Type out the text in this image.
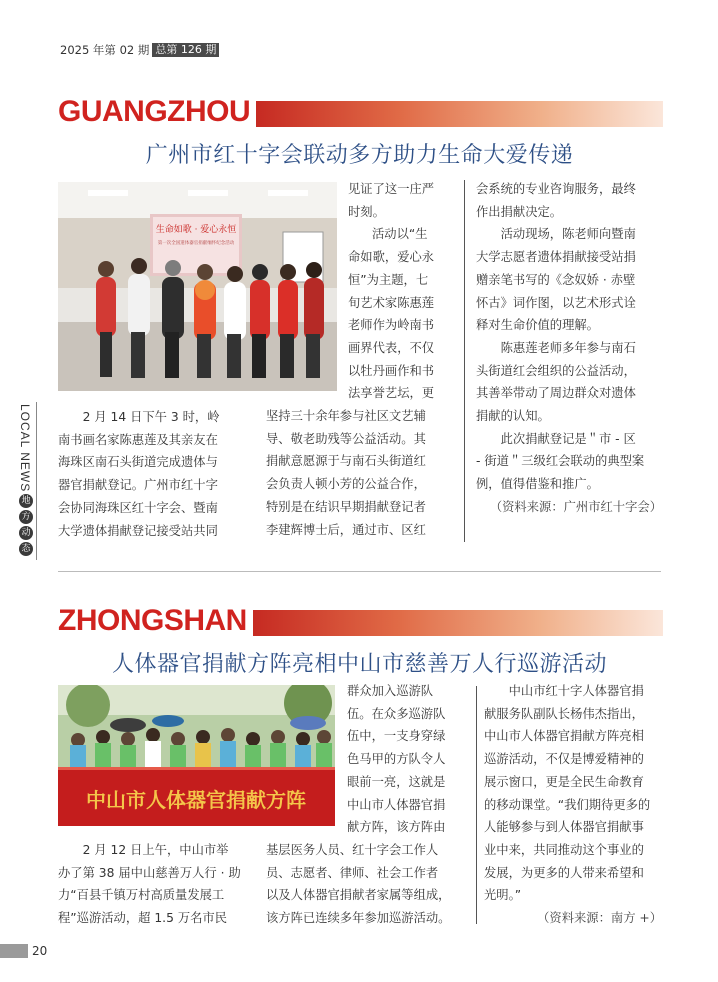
2025 年第 02 期 总第 126 期
GUANGZHOU
广州市红十字会联动多方助力生命大爱传递
生命如歌 · 爱心永恒
第一次全国遗体器官捐献缅怀纪念活动

2 月 14 日下午 3 时，岭

南书画名家陈惠莲及其亲友在

海珠区南石头街道完成遗体与

器官捐献登记。广州市红十字

会协同海珠区红十字会、暨南

大学遗体捐献登记接受站共同

见证了这一庄严

时刻。

活动以“生

命如歌，爱心永

恒”为主题，七

旬艺术家陈惠莲

老师作为岭南书

画界代表，不仅

以牡丹画作和书

法享誉艺坛，更

坚持三十余年参与社区文艺辅

导、敬老助残等公益活动。其

捐献意愿源于与南石头街道红

会负责人顿小芳的公益合作，

特别是在结识早期捐献登记者

李建辉博士后，通过市、区红

会系统的专业咨询服务，最终

作出捐献决定。

活动现场，陈老师向暨南

大学志愿者遗体捐献接受站捐

赠亲笔书写的《念奴娇 · 赤壁

怀古》词作图，以艺术形式诠

释对生命价值的理解。

陈惠莲老师多年参与南石

头街道红会组织的公益活动，

其善举带动了周边群众对遗体

捐献的认知。

此次捐献登记是＂市 - 区

- 街道＂三级红会联动的典型案

例，值得借鉴和推广。

（资料来源：广州市红十字会）

LOCAL NEWS
地
方
动
态
ZHONGSHAN
人体器官捐献方阵亮相中山市慈善万人行巡游活动
中山市人体器官捐献方阵

2 月 12 日上午，中山市举

办了第 38 届中山慈善万人行 · 助

力“百县千镇万村高质量发展工

程”巡游活动，超 1.5 万名市民

群众加入巡游队

伍。在众多巡游队

伍中，一支身穿绿

色马甲的方队令人

眼前一亮，这就是

中山市人体器官捐

献方阵，该方阵由

基层医务人员、红十字会工作人

员、志愿者、律师、社会工作者

以及人体器官捐献者家属等组成，

该方阵已连续多年参加巡游活动。

中山市红十字人体器官捐

献服务队副队长杨伟杰指出，

中山市人体器官捐献方阵亮相

巡游活动，不仅是博爱精神的

展示窗口，更是全民生命教育

的移动课堂。“我们期待更多的

人能够参与到人体器官捐献事

业中来，共同推动这个事业的

发展，为更多的人带来希望和

光明。”

（资料来源：南方 +）

20
